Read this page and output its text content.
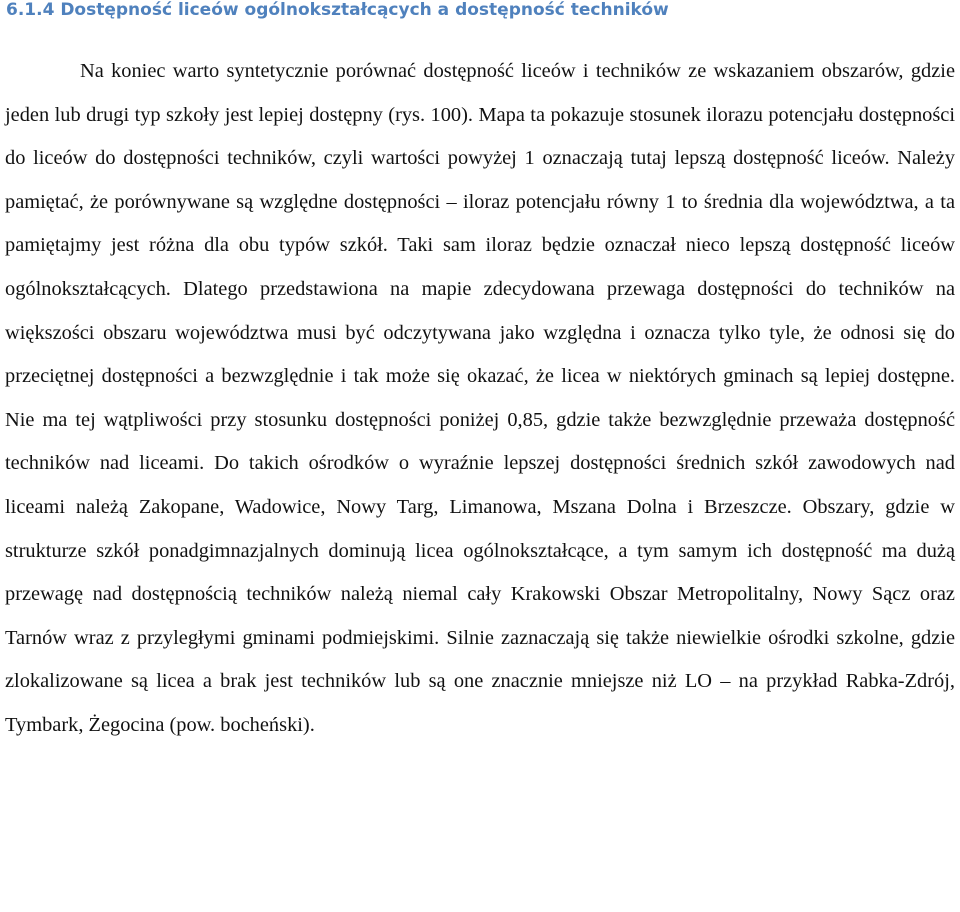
6.1.4 Dostępność liceów ogólnokształcących a dostępność techników

Na koniec warto syntetycznie porównać dostępność liceów i techników ze wskazaniem obszarów, gdzie jeden lub drugi typ szkoły jest lepiej dostępny (rys. 100). Mapa ta pokazuje stosunek ilorazu potencjału dostępności do liceów do dostępności techników, czyli wartości powyżej 1 oznaczają tutaj lepszą dostępność liceów. Należy pamiętać, że porównywane są względne dostępności – iloraz potencjału równy 1 to średnia dla województwa, a ta pamiętajmy jest różna dla obu typów szkół. Taki sam iloraz będzie oznaczał nieco lepszą dostępność liceów ogólnokształcących. Dlatego przedstawiona na mapie zdecydowana przewaga dostępności do techników na większości obszaru województwa musi być odczytywana jako względna i oznacza tylko tyle, że odnosi się do przeciętnej dostępności a bezwzględnie i tak może się okazać, że licea w niektórych gminach są lepiej dostępne. Nie ma tej wątpliwości przy stosunku dostępności poniżej 0,85, gdzie także bezwzględnie przeważa dostępność techników nad liceami. Do takich ośrodków o wyraźnie lepszej dostępności średnich szkół zawodowych nad liceami należą Zakopane, Wadowice, Nowy Targ, Limanowa, Mszana Dolna i Brzeszcze. Obszary, gdzie w strukturze szkół ponadgimnazjalnych dominują licea ogólnokształcące, a tym samym ich dostępność ma dużą przewagę nad dostępnością techników należą niemal cały Krakowski Obszar Metropolitalny, Nowy Sącz oraz Tarnów wraz z przyległymi gminami podmiejskimi. Silnie zaznaczają się także niewielkie ośrodki szkolne, gdzie zlokalizowane są licea a brak jest techników lub są one znacznie mniejsze niż LO – na przykład Rabka-Zdrój, Tymbark, Żegocina (pow. bocheński).
